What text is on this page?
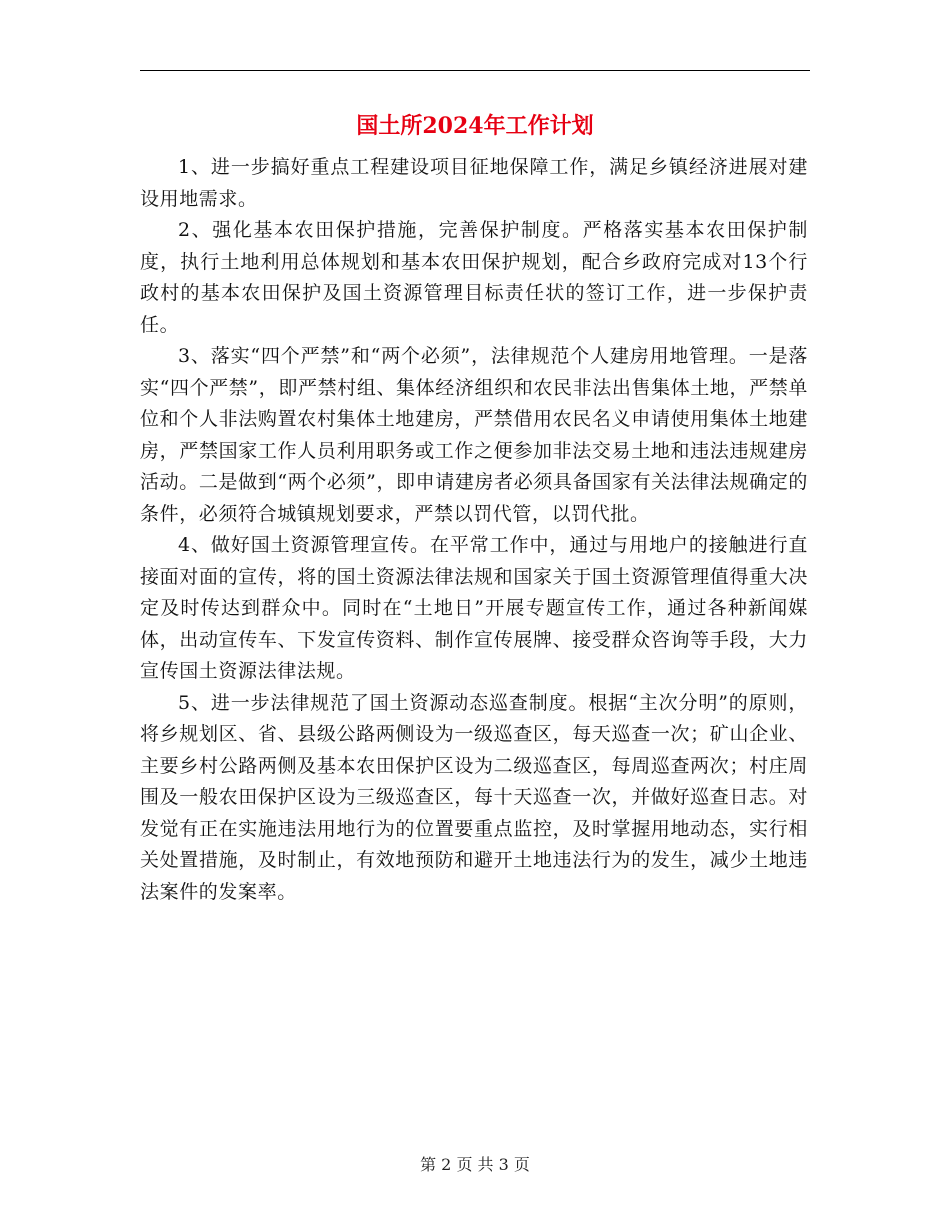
国土所2024年工作计划

1、进一步搞好重点工程建设项目征地保障工作，满足乡镇经济进展对建设用地需求。

2、强化基本农田保护措施，完善保护制度。严格落实基本农田保护制度，执行土地利用总体规划和基本农田保护规划，配合乡政府完成对13个行政村的基本农田保护及国土资源管理目标责任状的签订工作，进一步保护责任。

3、落实“四个严禁”和“两个必须”，法律规范个人建房用地管理。一是落实“四个严禁”，即严禁村组、集体经济组织和农民非法出售集体土地，严禁单位和个人非法购置农村集体土地建房，严禁借用农民名义申请使用集体土地建房，严禁国家工作人员利用职务或工作之便参加非法交易土地和违法违规建房活动。二是做到“两个必须”，即申请建房者必须具备国家有关法律法规确定的条件，必须符合城镇规划要求，严禁以罚代管，以罚代批。

4、做好国土资源管理宣传。在平常工作中，通过与用地户的接触进行直接面对面的宣传，将的国土资源法律法规和国家关于国土资源管理值得重大决定及时传达到群众中。同时在“土地日”开展专题宣传工作，通过各种新闻媒体，出动宣传车、下发宣传资料、制作宣传展牌、接受群众咨询等手段，大力宣传国土资源法律法规。

5、进一步法律规范了国土资源动态巡查制度。根据“主次分明”的原则，将乡规划区、省、县级公路两侧设为一级巡查区，每天巡查一次；矿山企业、主要乡村公路两侧及基本农田保护区设为二级巡查区，每周巡查两次；村庄周围及一般农田保护区设为三级巡查区，每十天巡查一次，并做好巡查日志。对发觉有正在实施违法用地行为的位置要重点监控，及时掌握用地动态，实行相关处置措施，及时制止，有效地预防和避开土地违法行为的发生，减少土地违法案件的发案率。

第 2 页 共 3 页
